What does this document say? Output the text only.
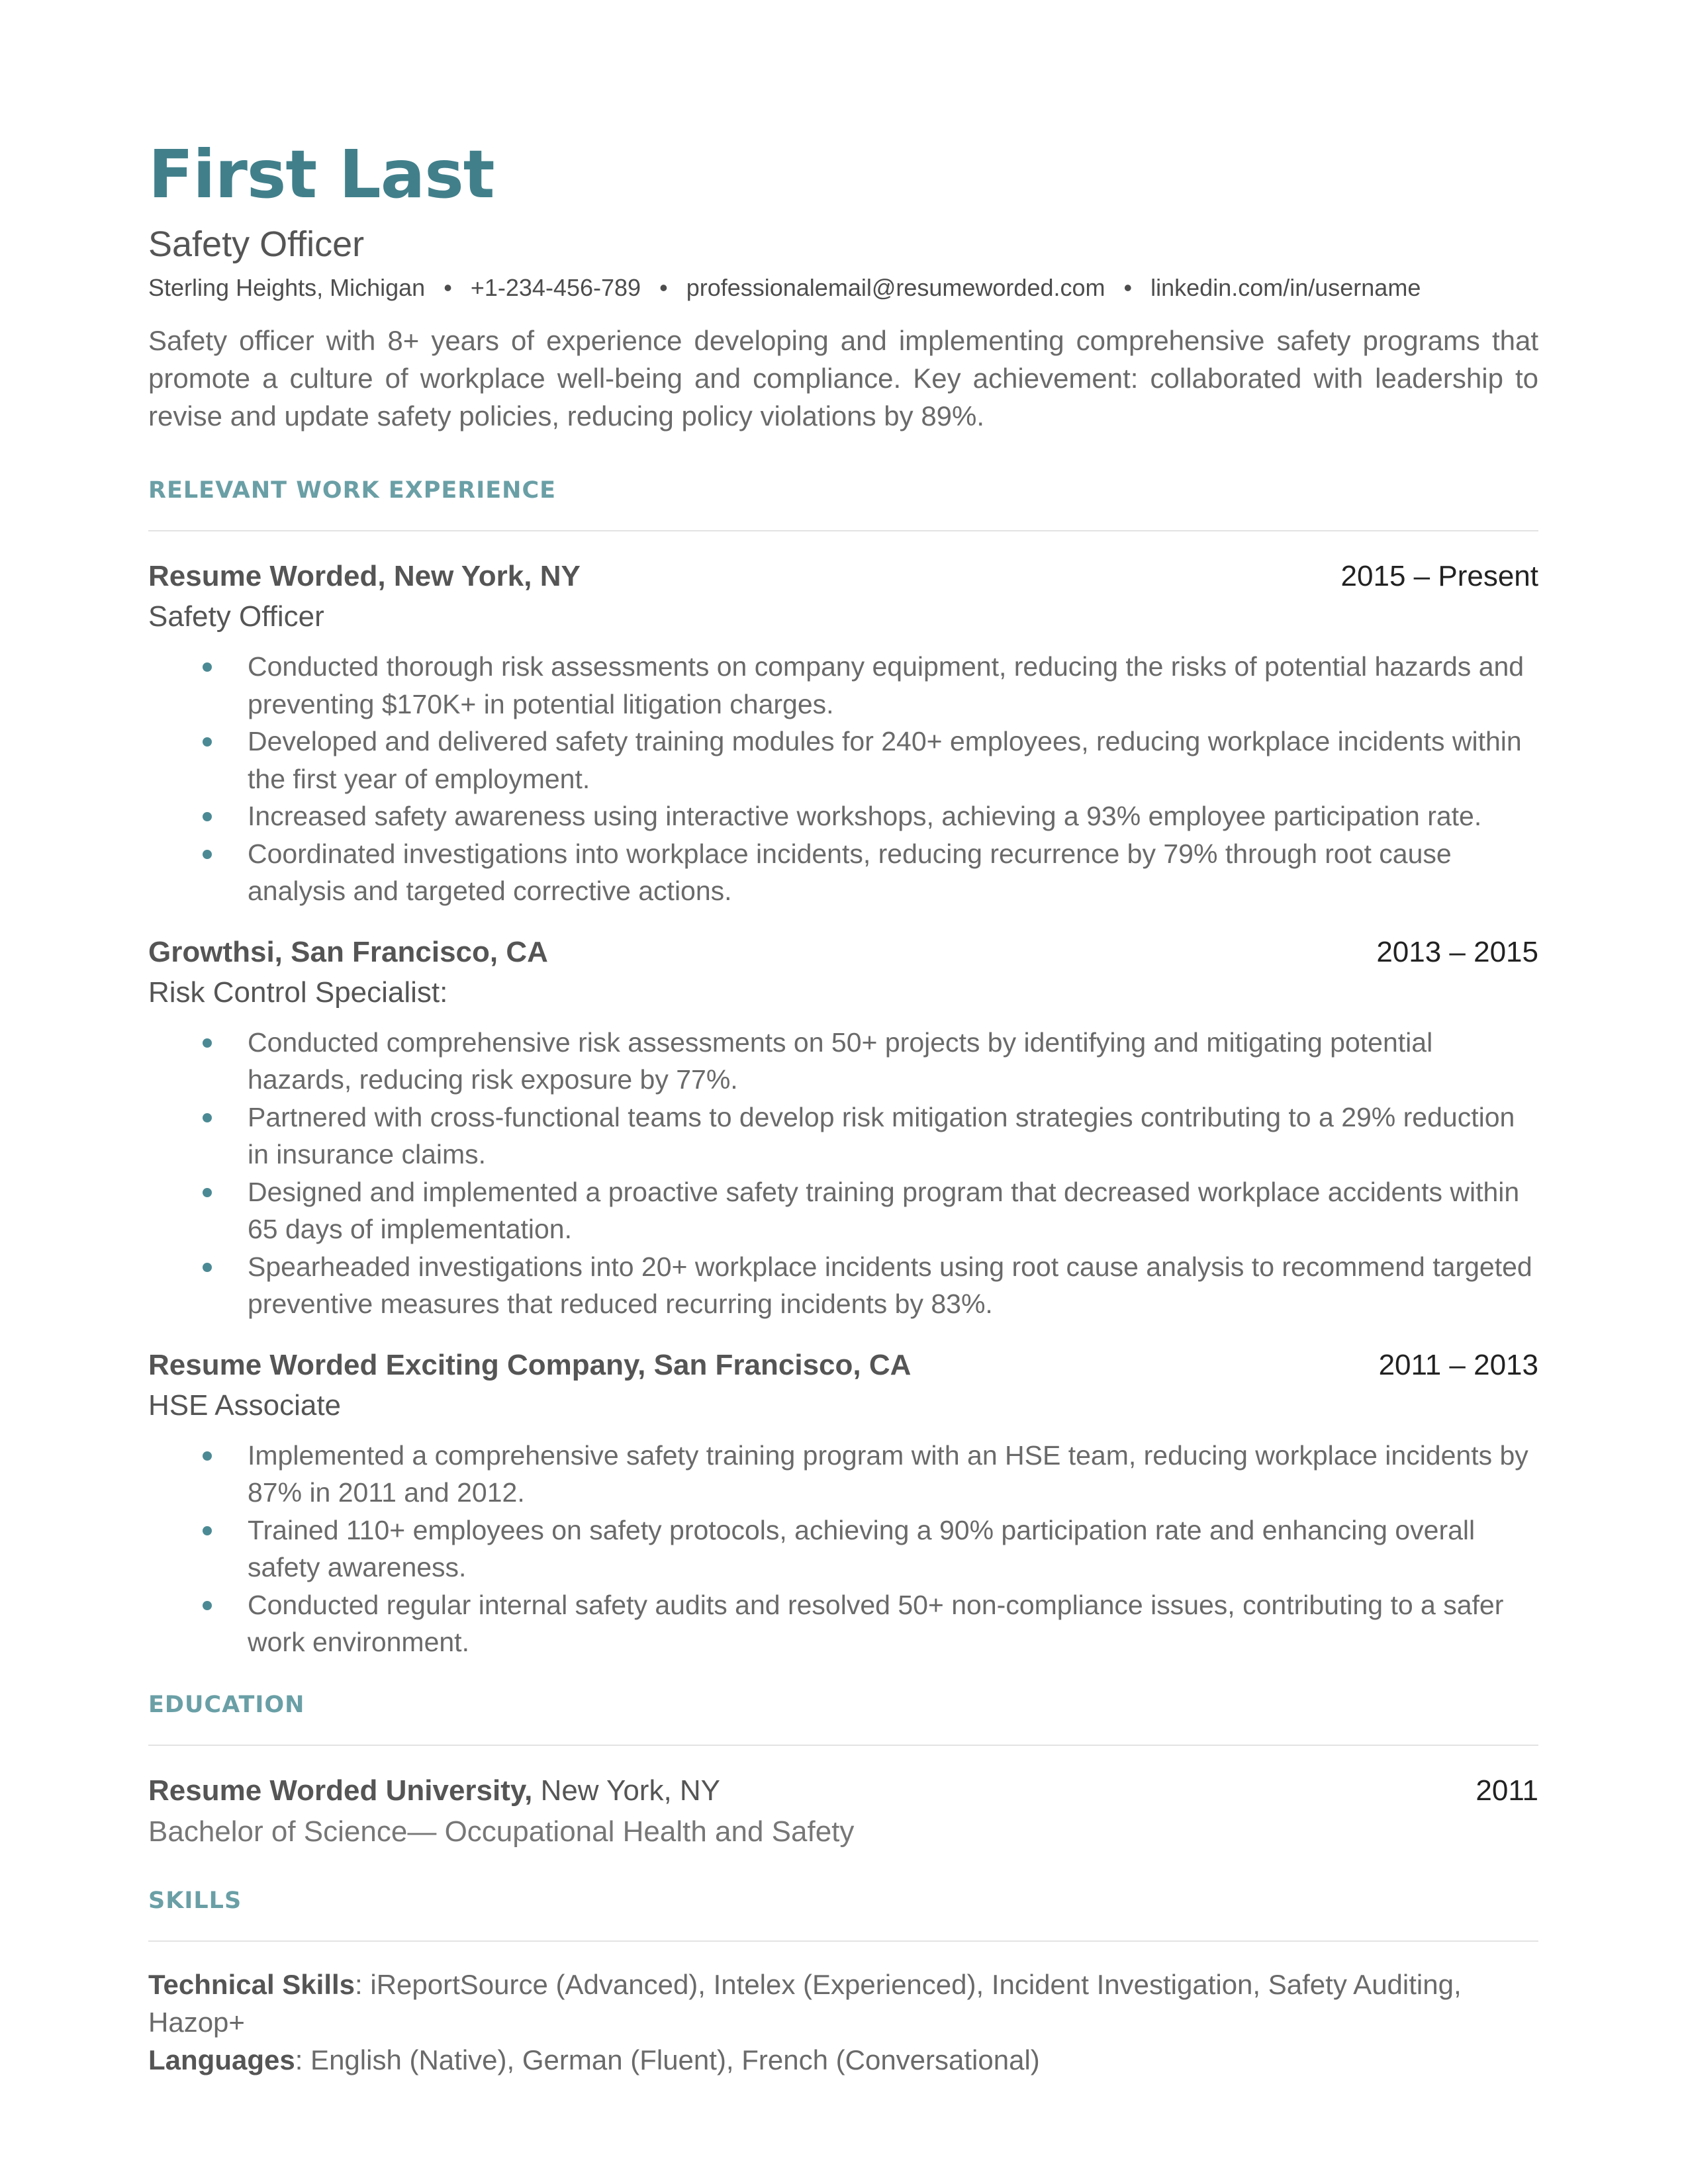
First Last
Safety Officer
Sterling Heights, Michigan • +1-234-456-789 • professionalemail@resumeworded.com • linkedin.com/in/username
Safety officer with 8+ years of experience developing and implementing comprehensive safety programs that promote a culture of workplace well-being and compliance. Key achievement: collaborated with leadership to revise and update safety policies, reducing policy violations by 89%.
RELEVANT WORK EXPERIENCE
Resume Worded, New York, NY	2015 – Present
Safety Officer
Conducted thorough risk assessments on company equipment, reducing the risks of potential hazards and preventing $170K+ in potential litigation charges.
Developed and delivered safety training modules for 240+ employees, reducing workplace incidents within the first year of employment.
Increased safety awareness using interactive workshops, achieving a 93% employee participation rate.
Coordinated investigations into workplace incidents, reducing recurrence by 79% through root cause analysis and targeted corrective actions.
Growthsi, San Francisco, CA	2013 – 2015
Risk Control Specialist:
Conducted comprehensive risk assessments on 50+ projects by identifying and mitigating potential hazards, reducing risk exposure by 77%.
Partnered with cross-functional teams to develop risk mitigation strategies contributing to a 29% reduction in insurance claims.
Designed and implemented a proactive safety training program that decreased workplace accidents within 65 days of implementation.
Spearheaded investigations into 20+ workplace incidents using root cause analysis to recommend targeted preventive measures that reduced recurring incidents by 83%.
Resume Worded Exciting Company, San Francisco, CA	2011 – 2013
HSE Associate
Implemented a comprehensive safety training program with an HSE team, reducing workplace incidents by 87% in 2011 and 2012.
Trained 110+ employees on safety protocols, achieving a 90% participation rate and enhancing overall safety awareness.
Conducted regular internal safety audits and resolved 50+ non-compliance issues, contributing to a safer work environment.
EDUCATION
Resume Worded University, New York, NY	2011
Bachelor of Science— Occupational Health and Safety
SKILLS
Technical Skills: iReportSource (Advanced), Intelex (Experienced), Incident Investigation, Safety Auditing, Hazop+
Languages: English (Native), German (Fluent), French (Conversational)
